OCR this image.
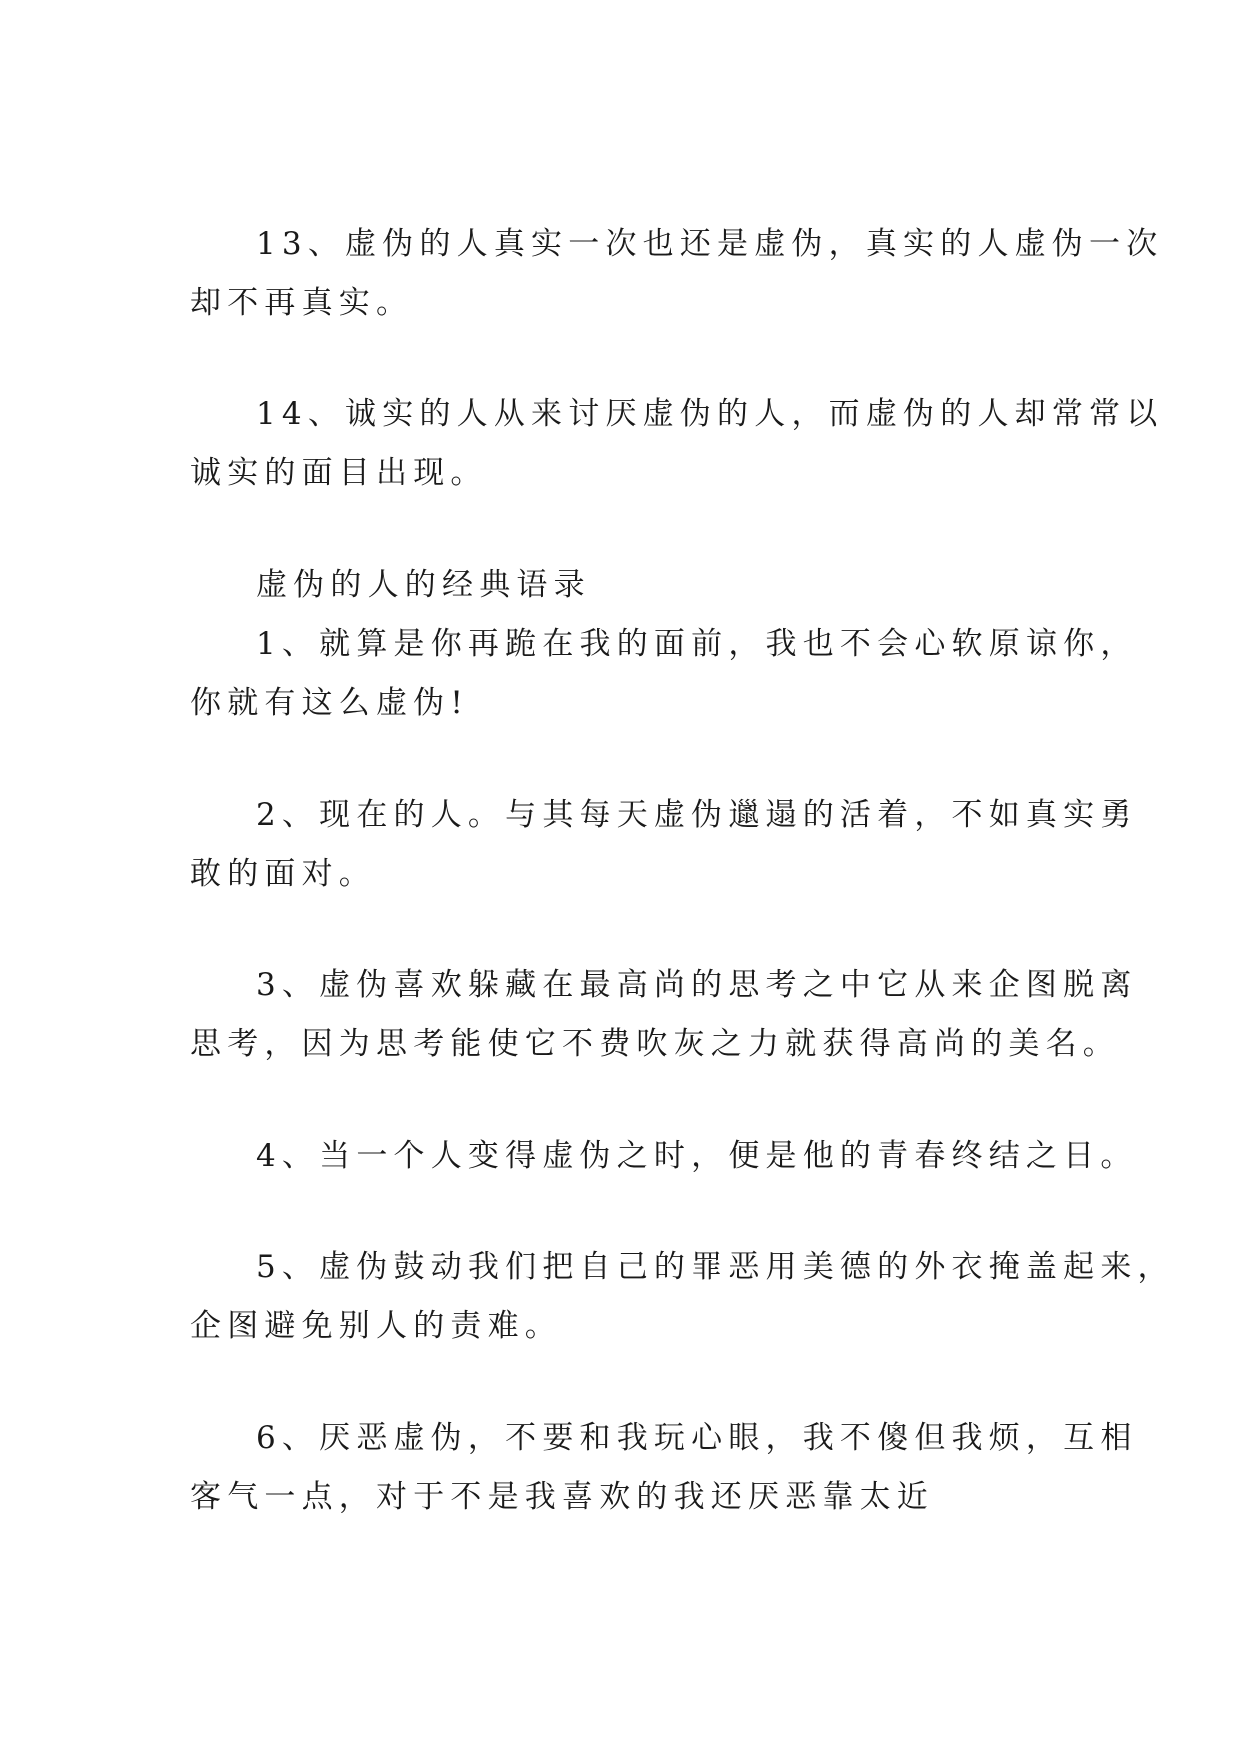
13、虚伪的人真实一次也还是虚伪，真实的人虚伪一次

却不再真实。

14、诚实的人从来讨厌虚伪的人，而虚伪的人却常常以

诚实的面目出现。

虚伪的人的经典语录

1、就算是你再跪在我的面前，我也不会心软原谅你，

你就有这么虚伪!

2、现在的人。与其每天虚伪邋遢的活着，不如真实勇

敢的面对。

3、虚伪喜欢躲藏在最高尚的思考之中它从来企图脱离

思考，因为思考能使它不费吹灰之力就获得高尚的美名。

4、当一个人变得虚伪之时，便是他的青春终结之日。

5、虚伪鼓动我们把自己的罪恶用美德的外衣掩盖起来，

企图避免别人的责难。

6、厌恶虚伪，不要和我玩心眼，我不傻但我烦，互相

客气一点，对于不是我喜欢的我还厌恶靠太近
